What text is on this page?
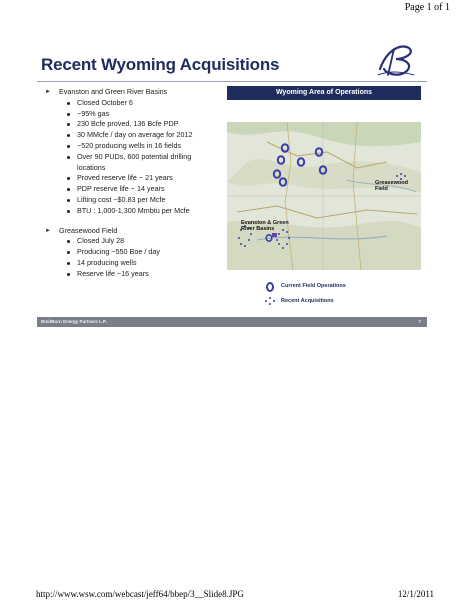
Page 1 of 1
Recent Wyoming Acquisitions
► Evanston and Green River Basins
Closed October 6
~95% gas
230 Bcfe proved, 136 Bcfe PDP
30 MMcfe / day on average for 2012
~520 producing wells in 16 fields
Over 90 PUDs, 600 potential drilling locations
Proved reserve life ~ 21 years
PDP reserve life ~ 14 years
Lifting cost ~$0.83 per Mcfe
BTU : 1,000-1,300 Mmbtu per Mcfe
► Greasewood Field
Closed July 28
Producing ~550 Boe / day
14 producing wells
Reserve life ~16 years
Wyoming Area of Operations
Greasewood Field
Evanston & Green River Basins
Current Field Operations
Recent Acquisitions
BreitBurn Energy Partners L.P.	7
http://www.wsw.com/webcast/jeff64/bbep/3__Slide8.JPG	12/1/2011
